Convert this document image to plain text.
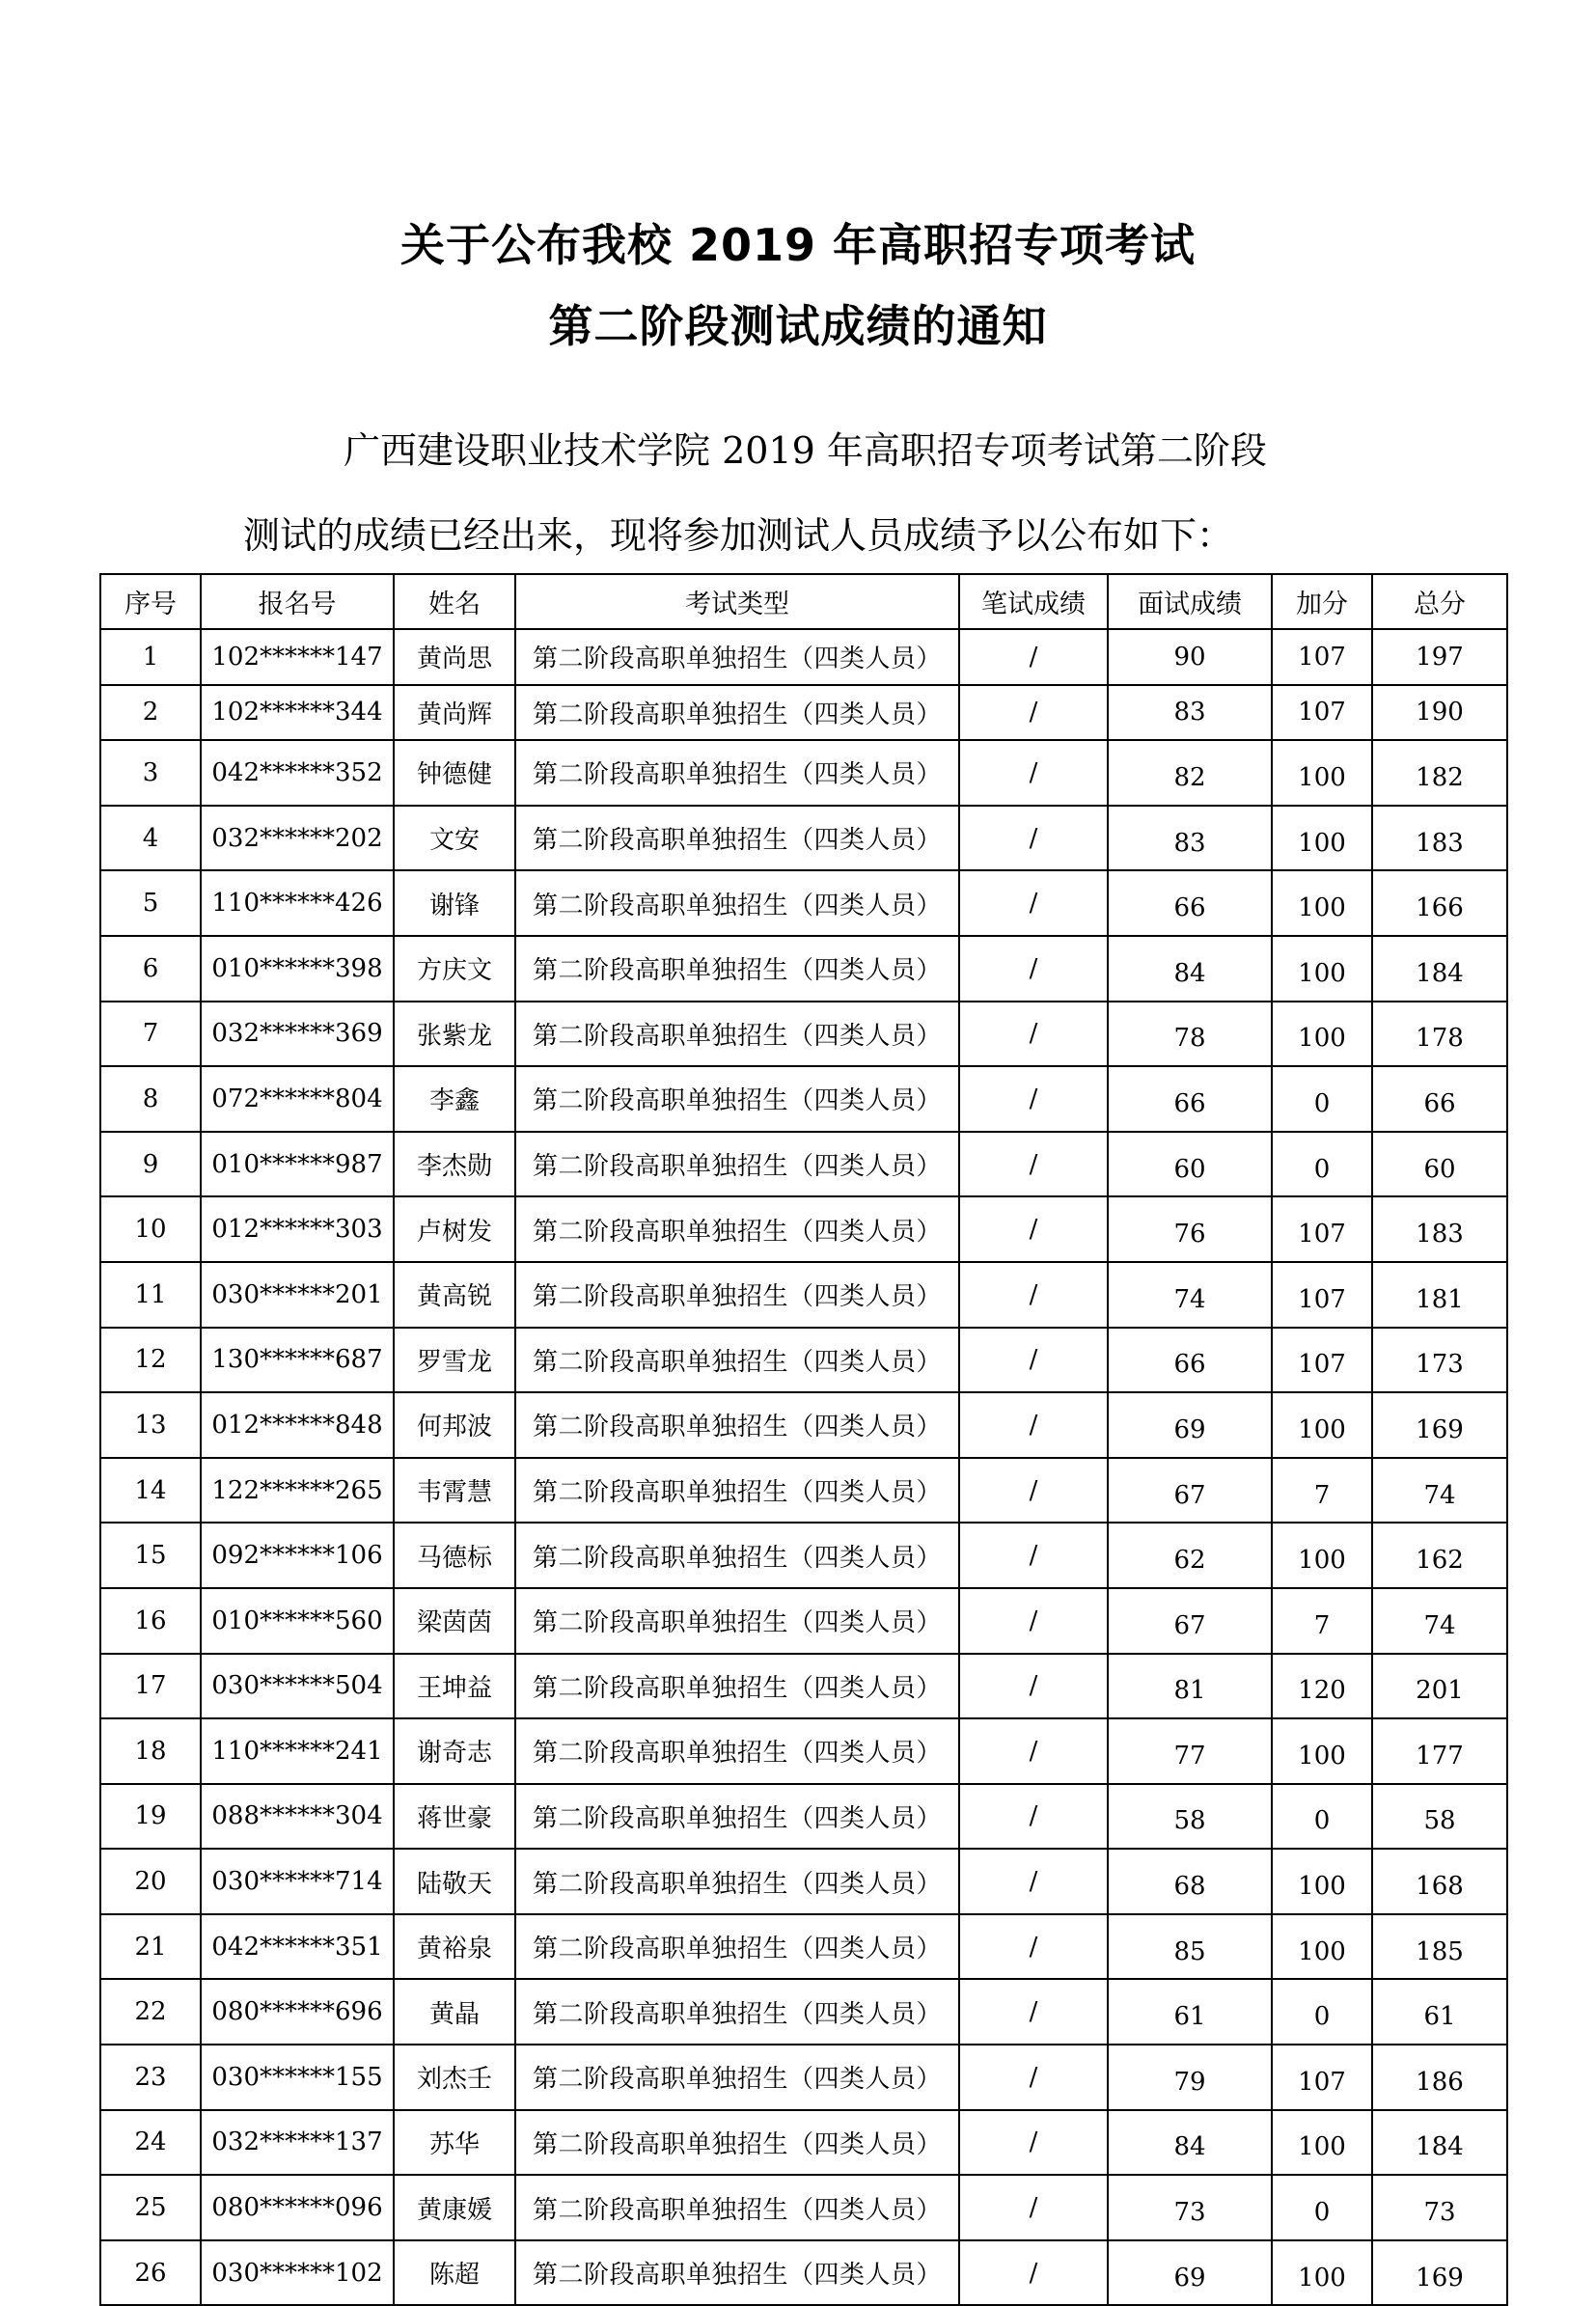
关于公布我校 2019 年高职招专项考试
第二阶段测试成绩的通知
广西建设职业技术学院 2019 年高职招专项考试第二阶段
测试的成绩已经出来，现将参加测试人员成绩予以公布如下：
序号	报名号	姓名	考试类型	笔试成绩	面试成绩	加分	总分
1	102******147	黄尚思	第二阶段高职单独招生（四类人员）	/	90	107	197
2	102******344	黄尚辉	第二阶段高职单独招生（四类人员）	/	83	107	190
3	042******352	钟德健	第二阶段高职单独招生（四类人员）	/	82	100	182
4	032******202	文安	第二阶段高职单独招生（四类人员）	/	83	100	183
5	110******426	谢锋	第二阶段高职单独招生（四类人员）	/	66	100	166
6	010******398	方庆文	第二阶段高职单独招生（四类人员）	/	84	100	184
7	032******369	张紫龙	第二阶段高职单独招生（四类人员）	/	78	100	178
8	072******804	李鑫	第二阶段高职单独招生（四类人员）	/	66	0	66
9	010******987	李杰勋	第二阶段高职单独招生（四类人员）	/	60	0	60
10	012******303	卢树发	第二阶段高职单独招生（四类人员）	/	76	107	183
11	030******201	黄高锐	第二阶段高职单独招生（四类人员）	/	74	107	181
12	130******687	罗雪龙	第二阶段高职单独招生（四类人员）	/	66	107	173
13	012******848	何邦波	第二阶段高职单独招生（四类人员）	/	69	100	169
14	122******265	韦霄慧	第二阶段高职单独招生（四类人员）	/	67	7	74
15	092******106	马德标	第二阶段高职单独招生（四类人员）	/	62	100	162
16	010******560	梁茵茵	第二阶段高职单独招生（四类人员）	/	67	7	74
17	030******504	王坤益	第二阶段高职单独招生（四类人员）	/	81	120	201
18	110******241	谢奇志	第二阶段高职单独招生（四类人员）	/	77	100	177
19	088******304	蒋世豪	第二阶段高职单独招生（四类人员）	/	58	0	58
20	030******714	陆敬天	第二阶段高职单独招生（四类人员）	/	68	100	168
21	042******351	黄裕泉	第二阶段高职单独招生（四类人员）	/	85	100	185
22	080******696	黄晶	第二阶段高职单独招生（四类人员）	/	61	0	61
23	030******155	刘杰壬	第二阶段高职单独招生（四类人员）	/	79	107	186
24	032******137	苏华	第二阶段高职单独招生（四类人员）	/	84	100	184
25	080******096	黄康媛	第二阶段高职单独招生（四类人员）	/	73	0	73
26	030******102	陈超	第二阶段高职单独招生（四类人员）	/	69	100	169
